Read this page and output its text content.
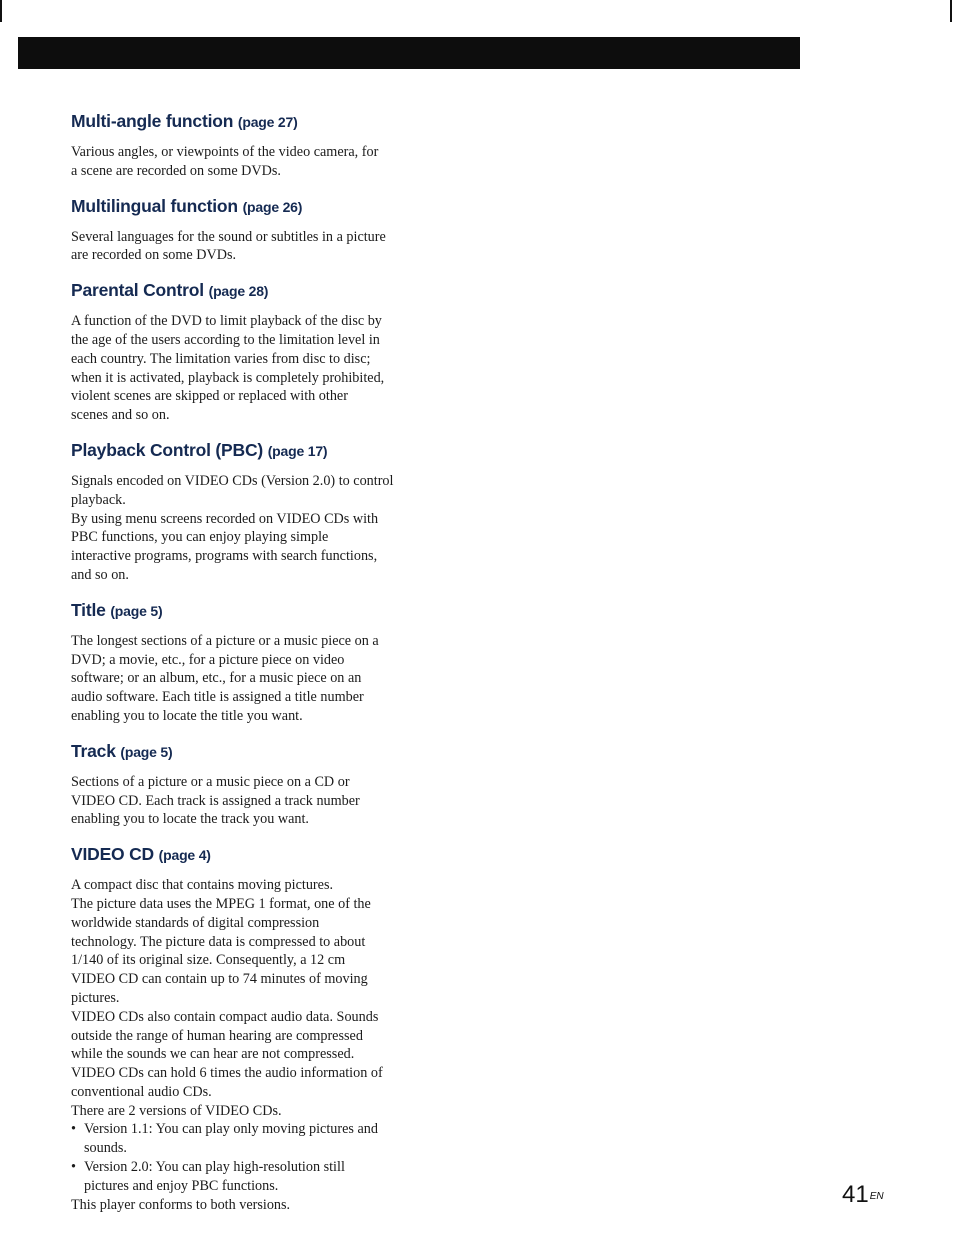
Multi-angle function (page 27)

Various angles, or viewpoints of the video camera, for

a scene are recorded on some DVDs.

Multilingual function (page 26)

Several languages for the sound or subtitles in a picture

are recorded on some DVDs.

Parental Control (page 28)

A function of the DVD to limit playback of the disc by

the age of the users according to the limitation level in

each country. The limitation varies from disc to disc;

when it is activated, playback is completely prohibited,

violent scenes are skipped or replaced with other

scenes and so on.

Playback Control (PBC) (page 17)

Signals encoded on VIDEO CDs (Version 2.0) to control

playback.

By using menu screens recorded on VIDEO CDs with

PBC functions, you can enjoy playing simple

interactive programs, programs with search functions,

and so on.

Title (page 5)

The longest sections of a picture or a music piece on a

DVD; a movie, etc., for a picture piece on video

software; or an album, etc., for a music piece on an

audio software. Each title is assigned a title number

enabling you to locate the title you want.

Track (page 5)

Sections of a picture or a music piece on a CD or

VIDEO CD. Each track is assigned a track number

enabling you to locate the track you want.

VIDEO CD (page 4)

A compact disc that contains moving pictures.

The picture data uses the MPEG 1 format, one of the

worldwide standards of digital compression

technology. The picture data is compressed to about

1/140 of its original size. Consequently, a 12 cm

VIDEO CD can contain up to 74 minutes of moving

pictures.

VIDEO CDs also contain compact audio data. Sounds

outside the range of human hearing are compressed

while the sounds we can hear are not compressed.

VIDEO CDs can hold 6 times the audio information of

conventional audio CDs.

There are 2 versions of VIDEO CDs.

• Version 1.1: You can play only moving pictures and
sounds.
• Version 2.0: You can play high-resolution still
pictures and enjoy PBC functions.

This player conforms to both versions.	$41^{EN}$
